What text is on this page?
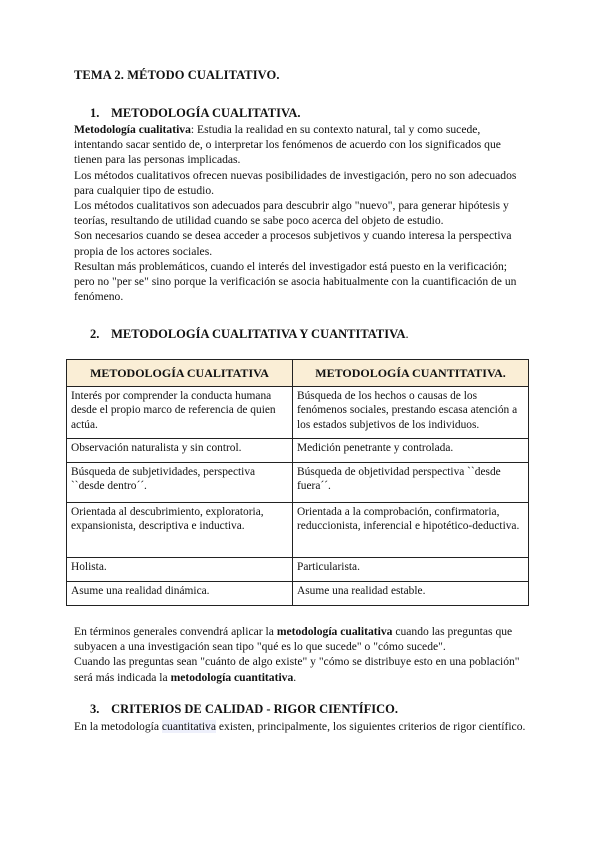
TEMA 2. MÉTODO CUALITATIVO.
1. METODOLOGÍA CUALITATIVA.

Metodología cualitativa: Estudia la realidad en su contexto natural, tal y como sucede, intentando sacar sentido de, o interpretar los fenómenos de acuerdo con los significados que tienen para las personas implicadas.

Los métodos cualitativos ofrecen nuevas posibilidades de investigación, pero no son adecuados para cualquier tipo de estudio.

Los métodos cualitativos son adecuados para descubrir algo "nuevo", para generar hipótesis y teorías, resultando de utilidad cuando se sabe poco acerca del objeto de estudio.

Son necesarios cuando se desea acceder a procesos subjetivos y cuando interesa la perspectiva propia de los actores sociales.

Resultan más problemáticos, cuando el interés del investigador está puesto en la verificación; pero no "per se" sino porque la verificación se asocia habitualmente con la cuantificación de un fenómeno.

2. METODOLOGÍA CUALITATIVA Y CUANTITATIVA.
METODOLOGÍA CUALITATIVA	METODOLOGÍA CUANTITATIVA.
Interés por comprender la conducta humana desde el propio marco de referencia de quien actúa.	Búsqueda de los hechos o causas de los fenómenos sociales, prestando escasa atención a los estados subjetivos de los individuos.
Observación naturalista y sin control.	Medición penetrante y controlada.
Búsqueda de subjetividades, perspectiva ``desde dentro´´.	Búsqueda de objetividad perspectiva ``desde fuera´´.
Orientada al descubrimiento, exploratoria, expansionista, descriptiva e inductiva.	Orientada a la comprobación, confirmatoria, reduccionista, inferencial e hipotético-deductiva.
Holista.	Particularista.
Asume una realidad dinámica.	Asume una realidad estable.

En términos generales convendrá aplicar la metodología cualitativa cuando las preguntas que subyacen a una investigación sean tipo "qué es lo que sucede" o "cómo sucede".

Cuando las preguntas sean "cuánto de algo existe" y "cómo se distribuye esto en una población" será más indicada la metodología cuantitativa.

3. CRITERIOS DE CALIDAD - RIGOR CIENTÍFICO.

En la metodología cuantitativa existen, principalmente, los siguientes criterios de rigor científico.
